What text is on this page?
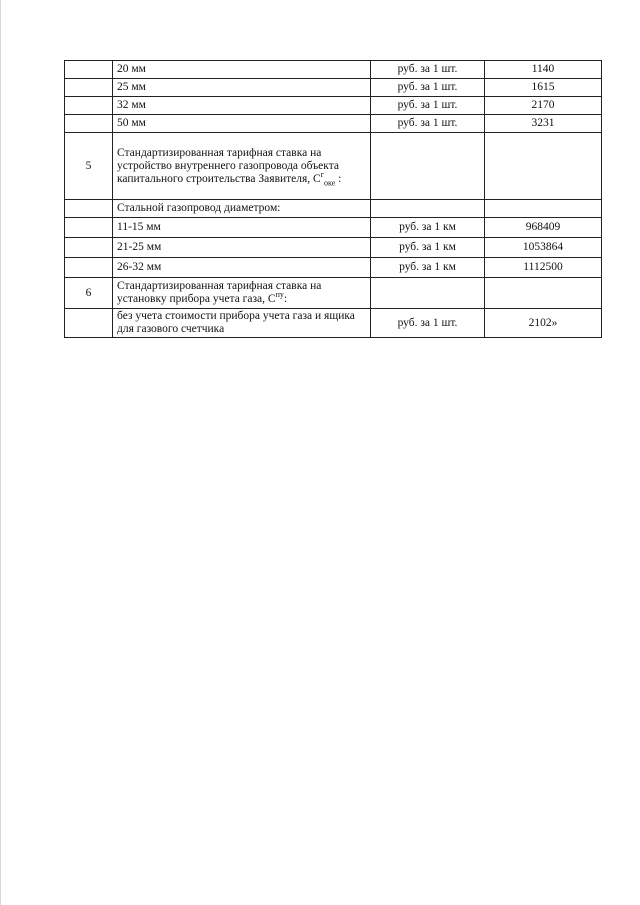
	20 мм	руб. за 1 шт.	1140
	25 мм	руб. за 1 шт.	1615
	32 мм	руб. за 1 шт.	2170
	50 мм	руб. за 1 шт.	3231
5	Стандартизированная тарифная ставка на устройство внутреннего газопровода объекта капитального строительства Заявителя, $С^г_{оке}$ :		
	Стальной газопровод диаметром:		
	11-15 мм	руб. за 1 км	968409
	21-25 мм	руб. за 1 км	1053864
	26-32 мм	руб. за 1 км	1112500
6	Стандартизированная тарифная ставка на установку прибора учета газа, $С^{пу}$:		
	без учета стоимости прибора учета газа и ящика для газового счетчика	руб. за 1 шт.	2102»
